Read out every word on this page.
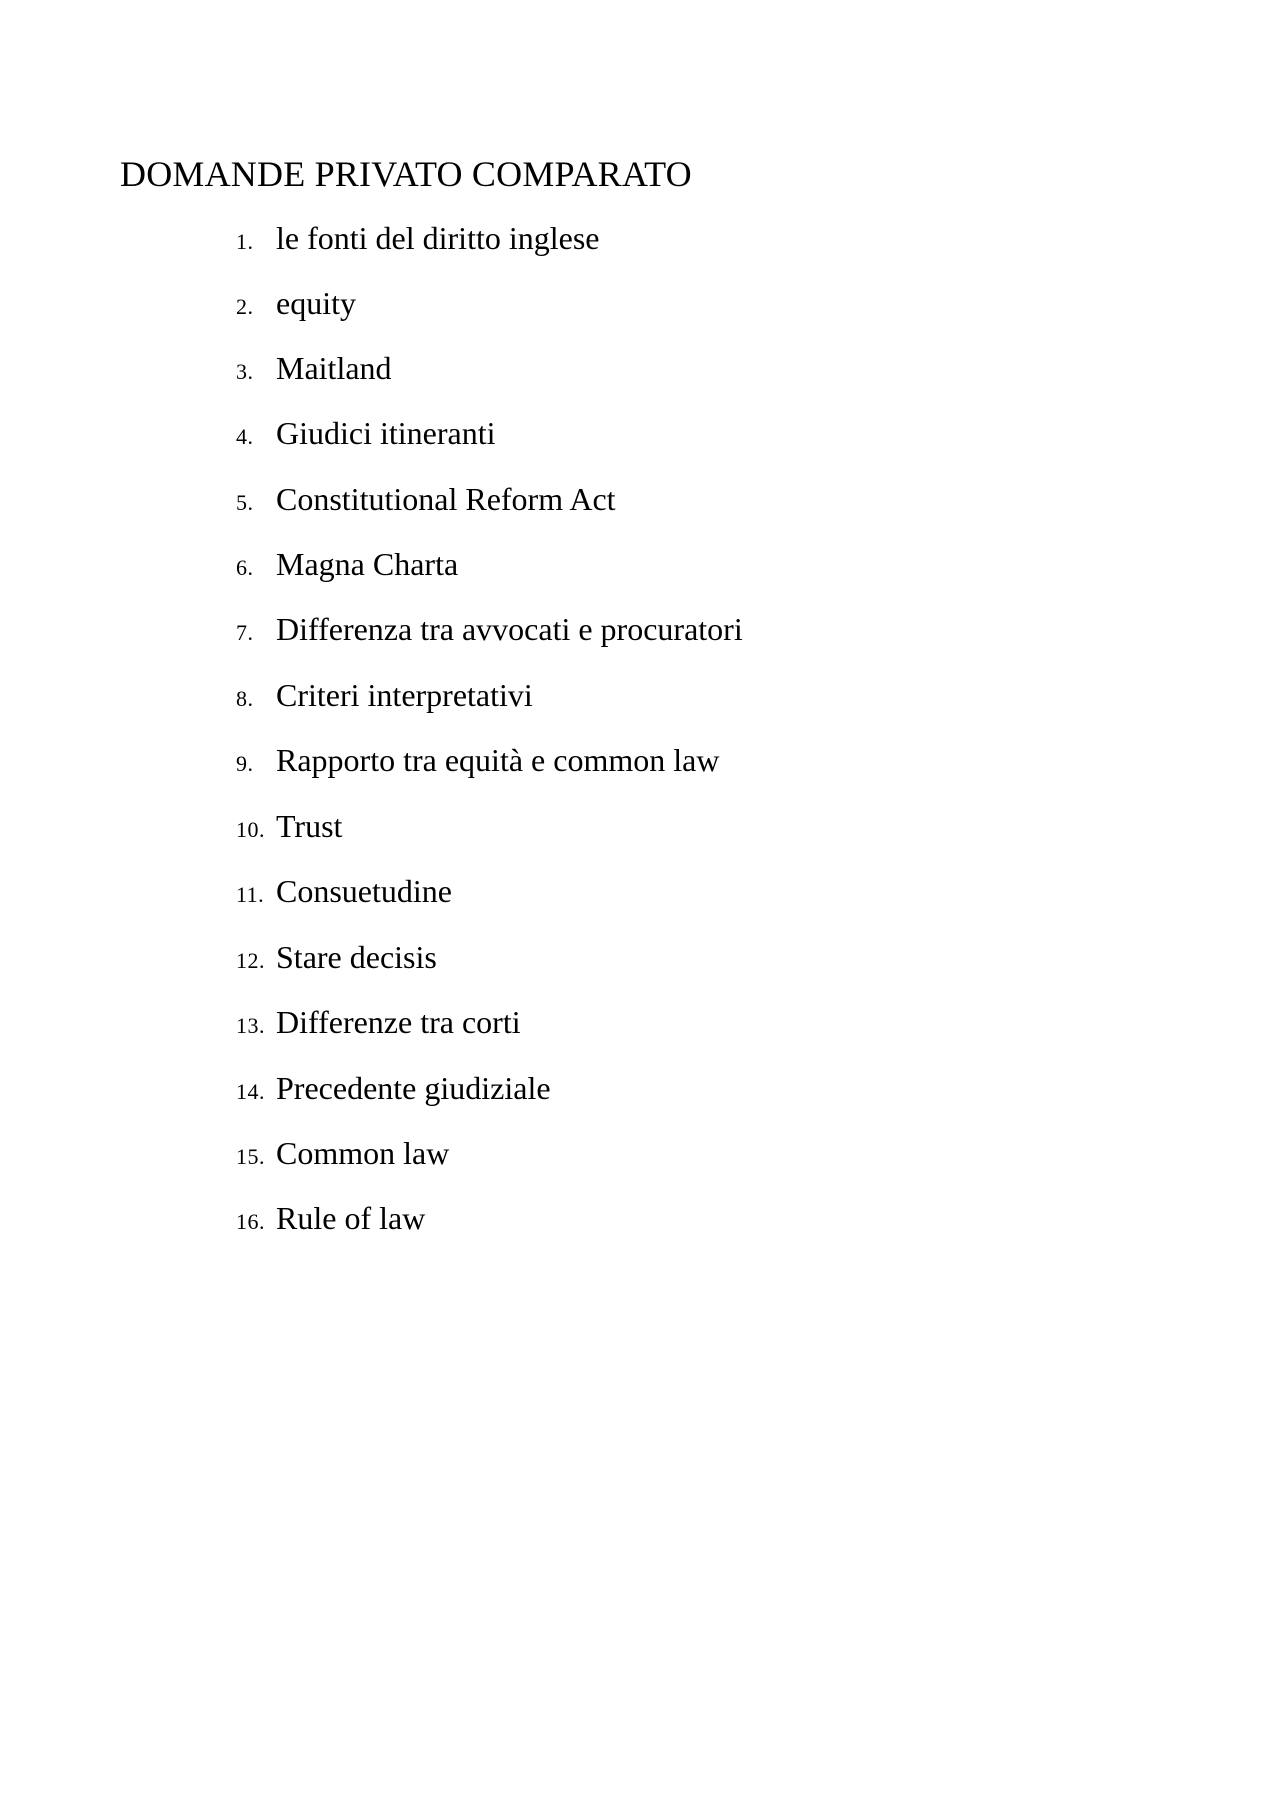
DOMANDE PRIVATO COMPARATO
1. le fonti del diritto inglese
2. equity
3. Maitland
4. Giudici itineranti
5. Constitutional Reform Act
6. Magna Charta
7. Differenza tra avvocati e procuratori
8. Criteri interpretativi
9. Rapporto tra equità e common law
10. Trust
11. Consuetudine
12. Stare decisis
13. Differenze tra corti
14. Precedente giudiziale
15. Common law
16. Rule of law
